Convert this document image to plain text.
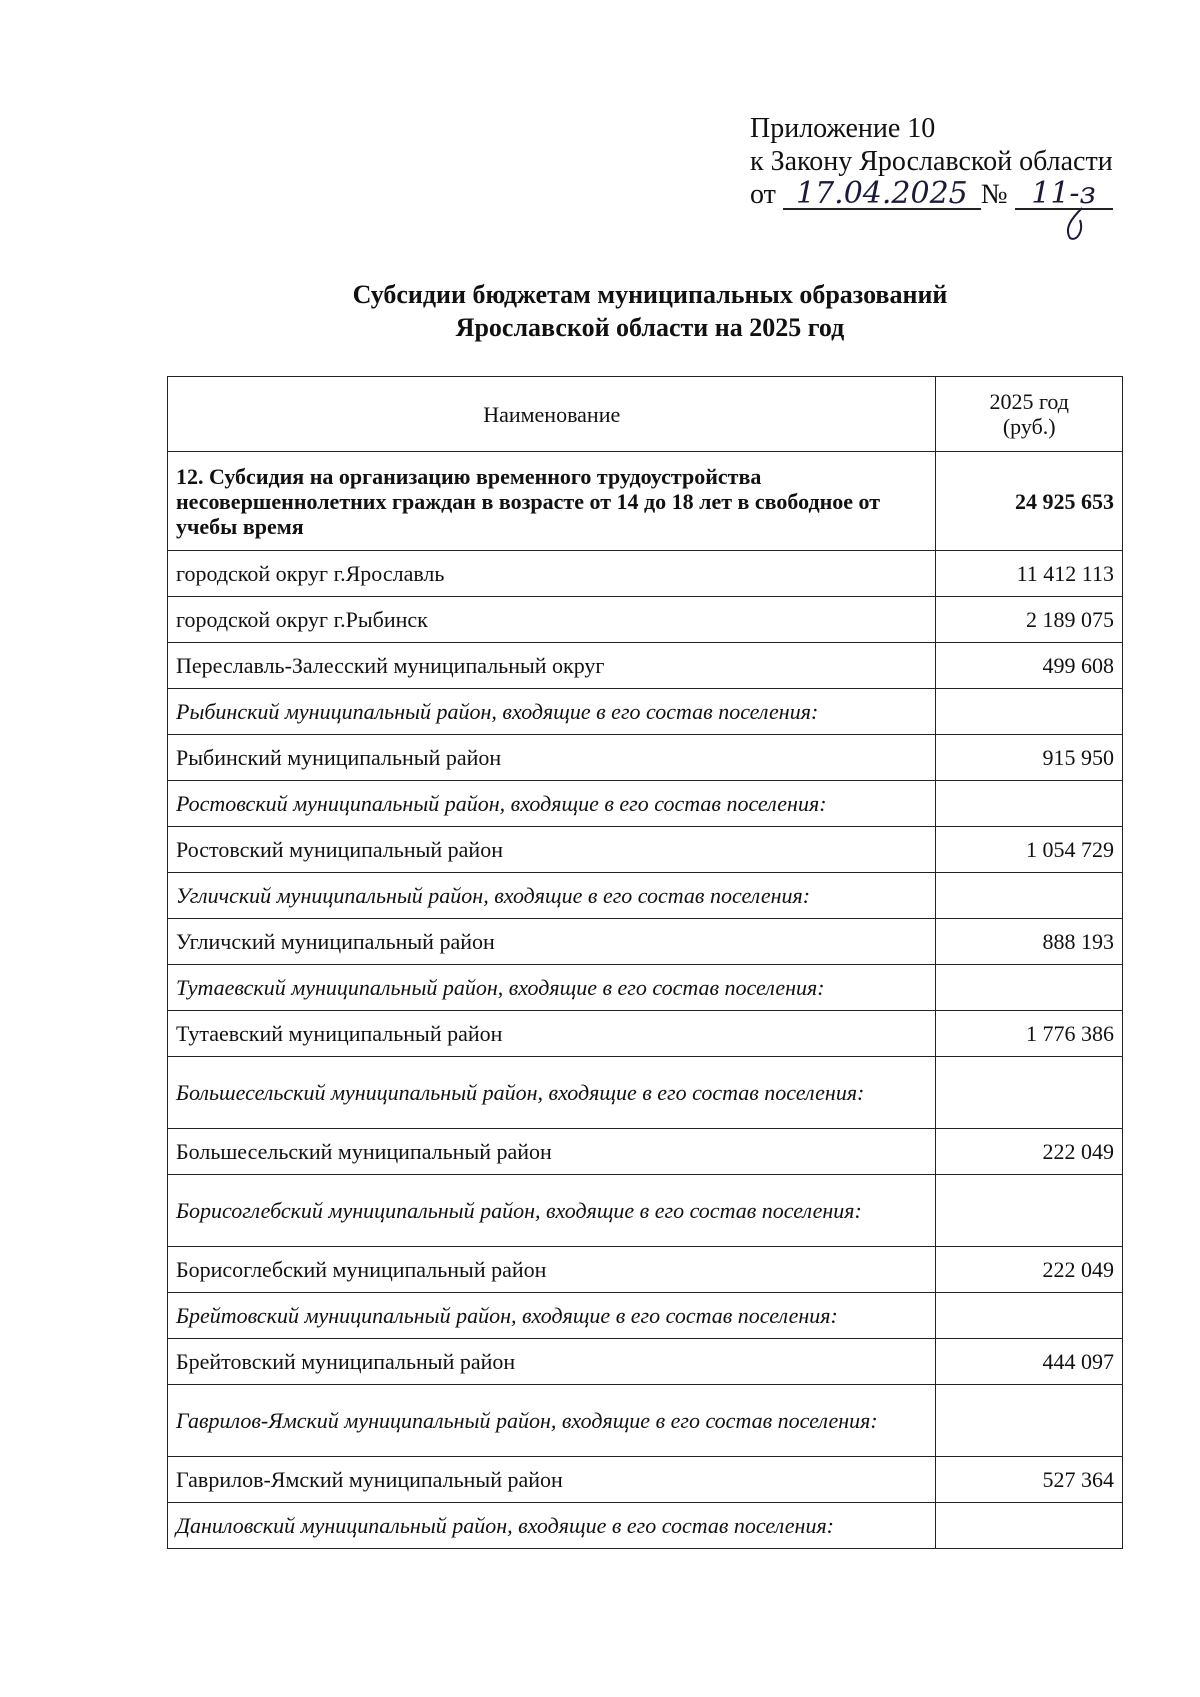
Приложение 10
к Закону Ярославской области
от 17.04.2025 № 11-з
Субсидии бюджетам муниципальных образований
Ярославской области на 2025 год
Наименование	2025 год
(руб.)

12. Субсидия на организацию временного трудоустройства несовершеннолетних граждан в возрасте от 14 до 18 лет в свободное от учебы время	24 925 653
городской округ г.Ярославль	11 412 113
городской округ г.Рыбинск	2 189 075
Переславль-Залесский муниципальный округ	499 608
Рыбинский муниципальный район, входящие в его состав поселения:	
Рыбинский муниципальный район	915 950
Ростовский муниципальный район, входящие в его состав поселения:	
Ростовский муниципальный район	1 054 729
Угличский муниципальный район, входящие в его состав поселения:	
Угличский муниципальный район	888 193
Тутаевский муниципальный район, входящие в его состав поселения:	
Тутаевский муниципальный район	1 776 386
Большесельский муниципальный район, входящие в его состав поселения:	
Большесельский муниципальный район	222 049
Борисоглебский муниципальный район, входящие в его состав поселения:	
Борисоглебский муниципальный район	222 049
Брейтовский муниципальный район, входящие в его состав поселения:	
Брейтовский муниципальный район	444 097
Гаврилов-Ямский муниципальный район, входящие в его состав поселения:	
Гаврилов-Ямский муниципальный район	527 364
Даниловский муниципальный район, входящие в его состав поселения:	
